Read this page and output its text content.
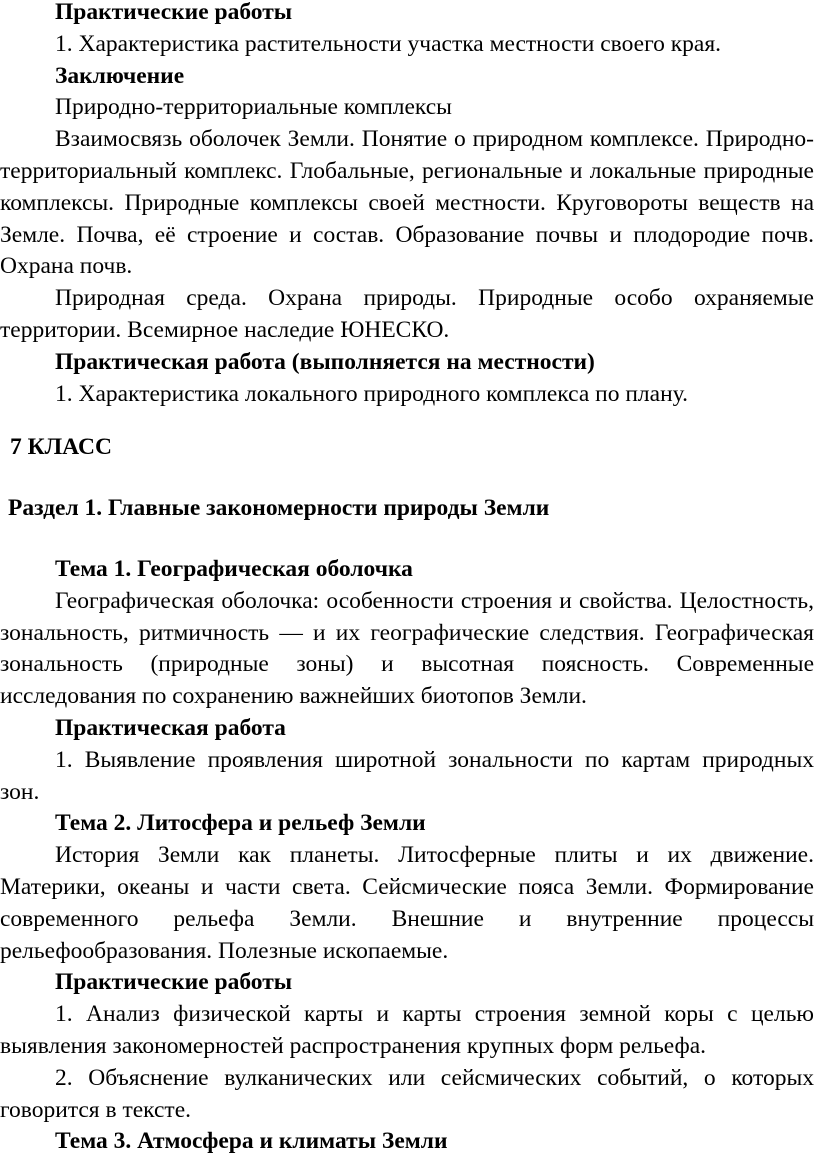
Практические работы

1. Характеристика растительности участка местности своего края.

Заключение

Природно-территориальные комплексы

Взаимосвязь оболочек Земли. Понятие о природном комплексе. Природно-территориальный комплекс. Глобальные, региональные и локальные природные комплексы. Природные комплексы своей местности. Круговороты веществ на Земле. Почва, её строение и состав. Образование почвы и плодородие почв. Охрана почв.

Природная среда. Охрана природы. Природные особо охраняемые территории. Всемирное наследие ЮНЕСКО.

Практическая работа (выполняется на местности)

1. Характеристика локального природного комплекса по плану.

7 КЛАСС

Раздел 1. Главные закономерности природы Земли

Тема 1. Географическая оболочка

Географическая оболочка: особенности строения и свойства. Целостность, зональность, ритмичность — и их географические следствия. Географическая зональность (природные зоны) и высотная поясность. Современные исследования по сохранению важнейших биотопов Земли.

Практическая работа

1. Выявление проявления широтной зональности по картам природных зон.

Тема 2. Литосфера и рельеф Земли

История Земли как планеты. Литосферные плиты и их движение. Материки, океаны и части света. Сейсмические пояса Земли. Формирование современного рельефа Земли. Внешние и внутренние процессы рельефообразования. Полезные ископаемые.

Практические работы

1. Анализ физической карты и карты строения земной коры с целью выявления закономерностей распространения крупных форм рельефа.

2. Объяснение вулканических или сейсмических событий, о которых говорится в тексте.

Тема 3. Атмосфера и климаты Земли
